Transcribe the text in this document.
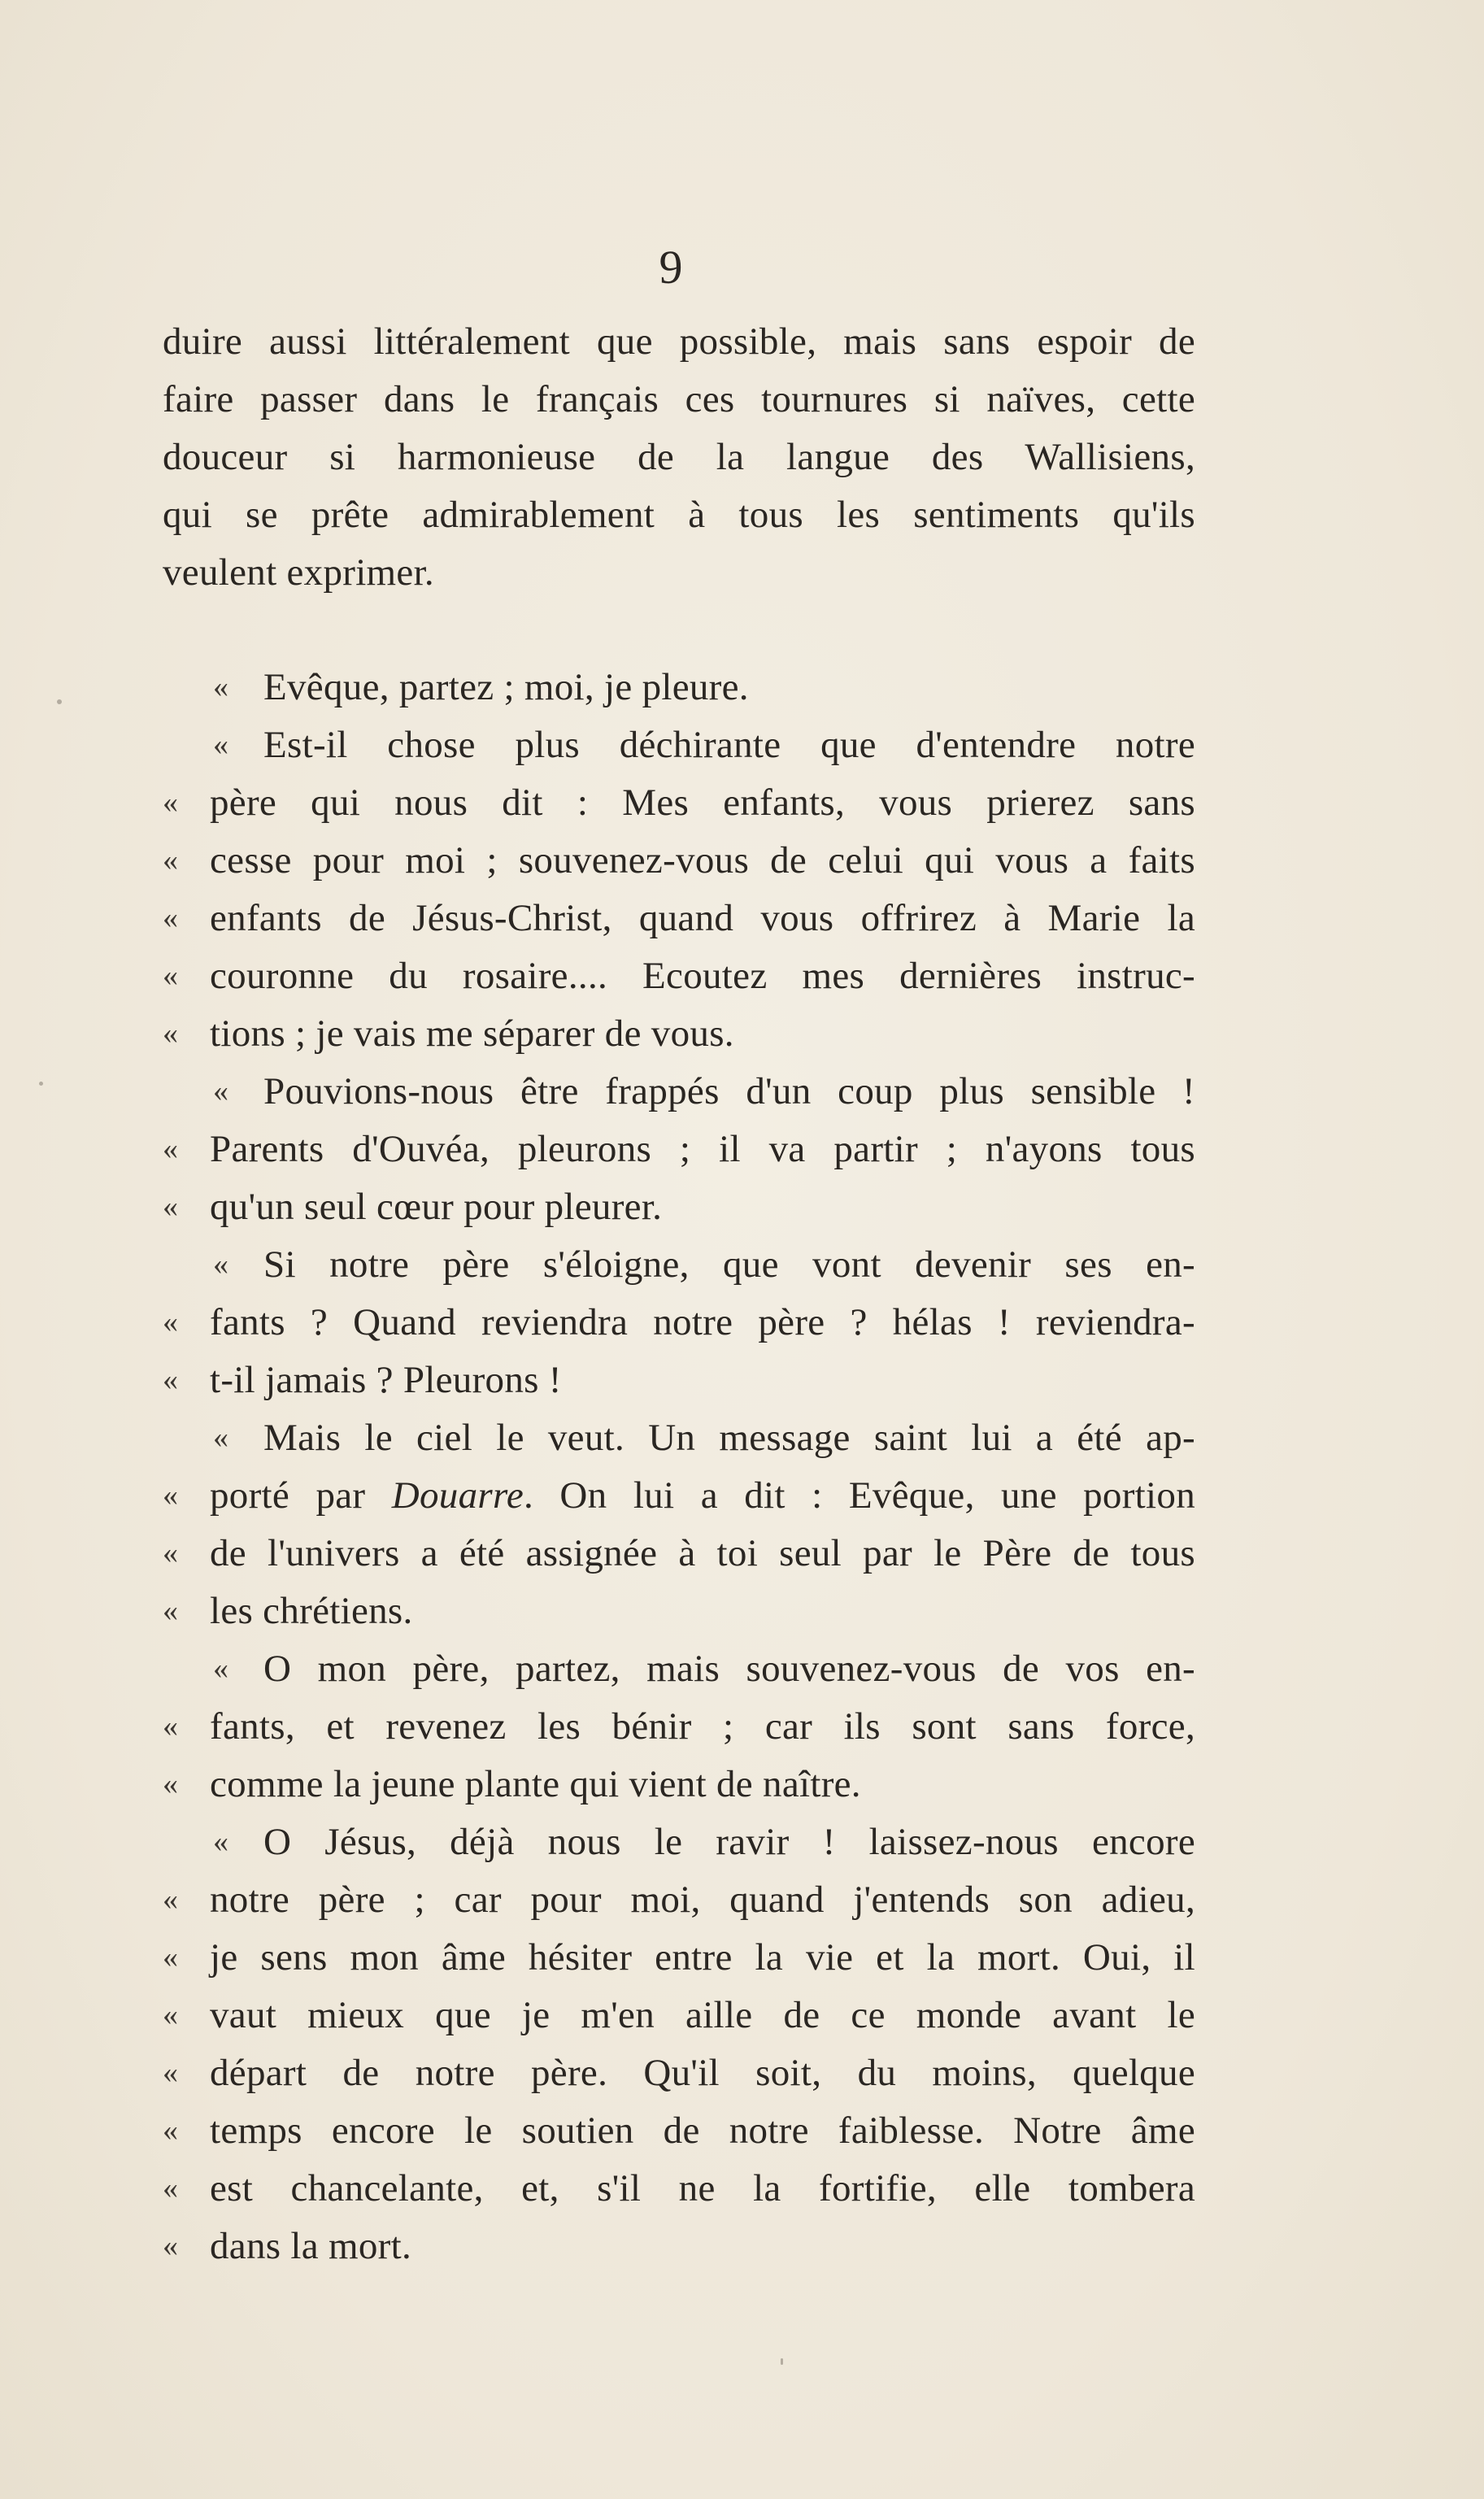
9
duire aussi littéralement que possible, mais sans espoir de
faire passer dans le français ces tournures si naïves, cette
douceur si harmonieuse de la langue des Wallisiens,
qui se prête admirablement à tous les sentiments qu'ils
veulent exprimer.
« Evêque, partez ; moi, je pleure.
« Est-il chose plus déchirante que d'entendre notre
« père qui nous dit : Mes enfants, vous prierez sans
« cesse pour moi ; souvenez-vous de celui qui vous a faits
« enfants de Jésus-Christ, quand vous offrirez à Marie la
« couronne du rosaire.... Ecoutez mes dernières instruc-
« tions ; je vais me séparer de vous.
« Pouvions-nous être frappés d'un coup plus sensible !
« Parents d'Ouvéa, pleurons ; il va partir ; n'ayons tous
« qu'un seul cœur pour pleurer.
« Si notre père s'éloigne, que vont devenir ses en-
« fants ? Quand reviendra notre père ? hélas ! reviendra-
« t-il jamais ? Pleurons !
« Mais le ciel le veut. Un message saint lui a été ap-
« porté par Douarre. On lui a dit : Evêque, une portion
« de l'univers a été assignée à toi seul par le Père de tous
« les chrétiens.
« O mon père, partez, mais souvenez-vous de vos en-
« fants, et revenez les bénir ; car ils sont sans force,
« comme la jeune plante qui vient de naître.
« O Jésus, déjà nous le ravir ! laissez-nous encore
« notre père ; car pour moi, quand j'entends son adieu,
« je sens mon âme hésiter entre la vie et la mort. Oui, il
« vaut mieux que je m'en aille de ce monde avant le
« départ de notre père. Qu'il soit, du moins, quelque
« temps encore le soutien de notre faiblesse. Notre âme
« est chancelante, et, s'il ne la fortifie, elle tombera
« dans la mort.
